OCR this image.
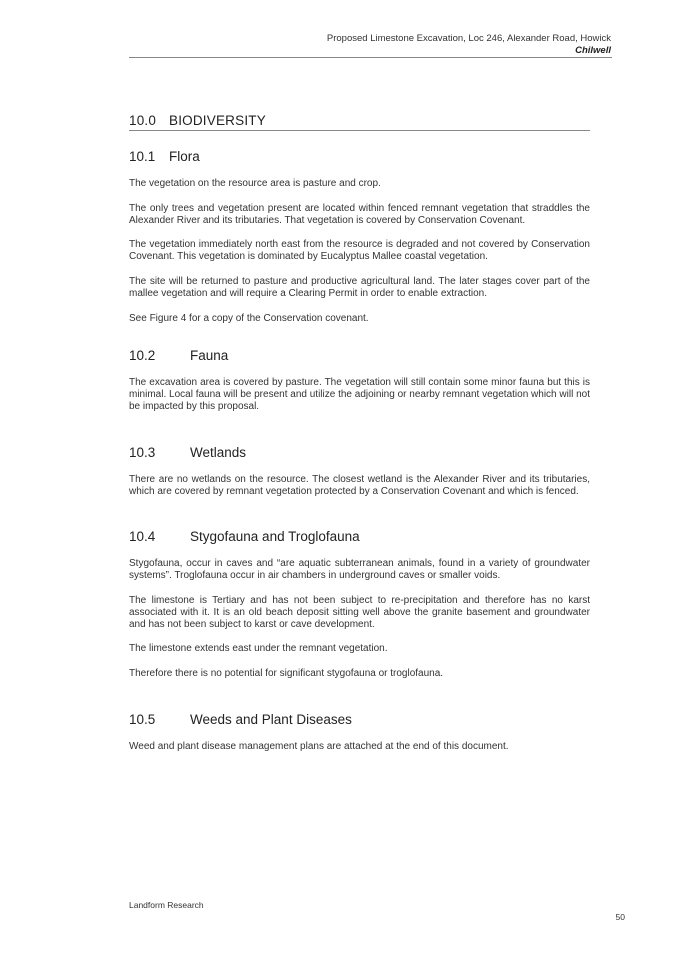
Proposed Limestone Excavation, Loc 246, Alexander Road, Howick
Chilwell
10.0 BIODIVERSITY
10.1 Flora

The vegetation on the resource area is pasture and crop.

The only trees and vegetation present are located within fenced remnant vegetation that straddles the Alexander River and its tributaries. That vegetation is covered by Conservation Covenant.

The vegetation immediately north east from the resource is degraded and not covered by Conservation Covenant. This vegetation is dominated by Eucalyptus Mallee coastal vegetation.

The site will be returned to pasture and productive agricultural land. The later stages cover part of the mallee vegetation and will require a Clearing Permit in order to enable extraction.

See Figure 4 for a copy of the Conservation covenant.

10.2	Fauna

The excavation area is covered by pasture. The vegetation will still contain some minor fauna but this is minimal. Local fauna will be present and utilize the adjoining or nearby remnant vegetation which will not be impacted by this proposal.

10.3	Wetlands

There are no wetlands on the resource. The closest wetland is the Alexander River and its tributaries, which are covered by remnant vegetation protected by a Conservation Covenant and which is fenced.

10.4	Stygofauna and Troglofauna

Stygofauna, occur in caves and “are aquatic subterranean animals, found in a variety of groundwater systems”. Troglofauna occur in air chambers in underground caves or smaller voids.

The limestone is Tertiary and has not been subject to re-precipitation and therefore has no karst associated with it. It is an old beach deposit sitting well above the granite basement and groundwater and has not been subject to karst or cave development.

The limestone extends east under the remnant vegetation.

Therefore there is no potential for significant stygofauna or troglofauna.

10.5	Weeds and Plant Diseases

Weed and plant disease management plans are attached at the end of this document.

Landform Research
50
